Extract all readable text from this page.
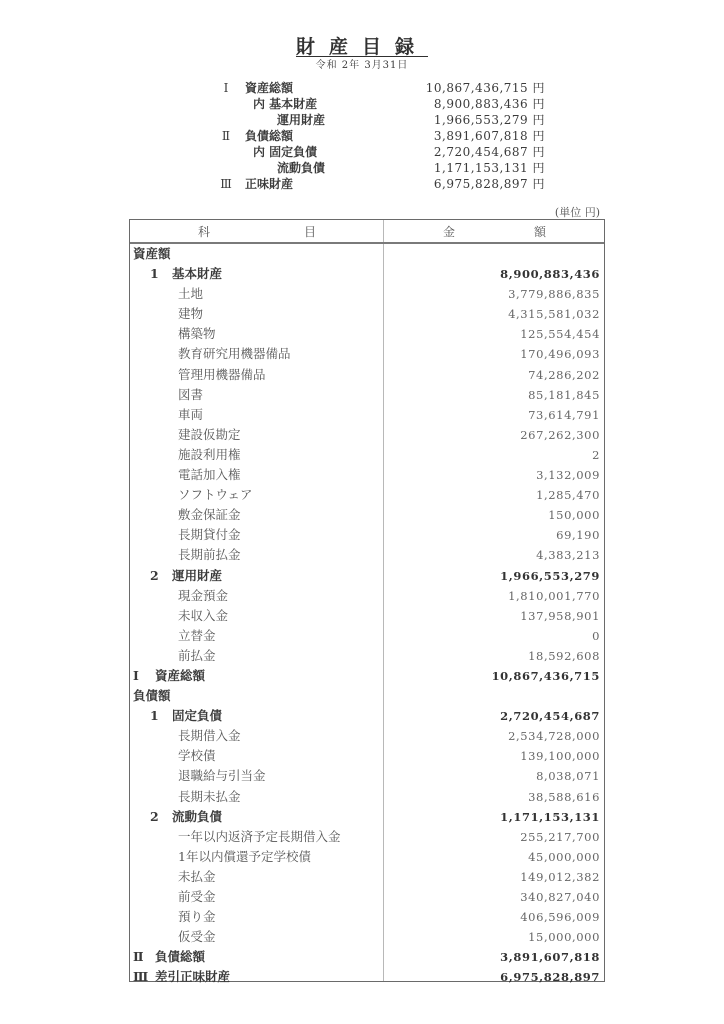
財産目録
令和 2年 3月31日
Ⅰ	資産総額	10,867,436,715 円
内 基本財産	8,900,883,436 円
運用財産	1,966,553,279 円
Ⅱ	負債総額	3,891,607,818 円
内 固定負債	2,720,454,687 円
流動負債	1,171,153,131 円
Ⅲ	正味財産	6,975,828,897 円
(単位 円)
科	目	金	額
資産額
1 基本財産	8,900,883,436
土地	3,779,886,835
建物	4,315,581,032
構築物	125,554,454
教育研究用機器備品	170,496,093
管理用機器備品	74,286,202
図書	85,181,845
車両	73,614,791
建設仮勘定	267,262,300
施設利用権	2
電話加入権	3,132,009
ソフトウェア	1,285,470
敷金保証金	150,000
長期貸付金	69,190
長期前払金	4,383,213
2 運用財産	1,966,553,279
現金預金	1,810,001,770
未収入金	137,958,901
立替金	0
前払金	18,592,608
Ⅰ 資産総額	10,867,436,715
負債額
1 固定負債	2,720,454,687
長期借入金	2,534,728,000
学校債	139,100,000
退職給与引当金	8,038,071
長期未払金	38,588,616
2 流動負債	1,171,153,131
一年以内返済予定長期借入金	255,217,700
1年以内償還予定学校債	45,000,000
未払金	149,012,382
前受金	340,827,040
預り金	406,596,009
仮受金	15,000,000
Ⅱ 負債総額	3,891,607,818
Ⅲ 差引正味財産	6,975,828,897
